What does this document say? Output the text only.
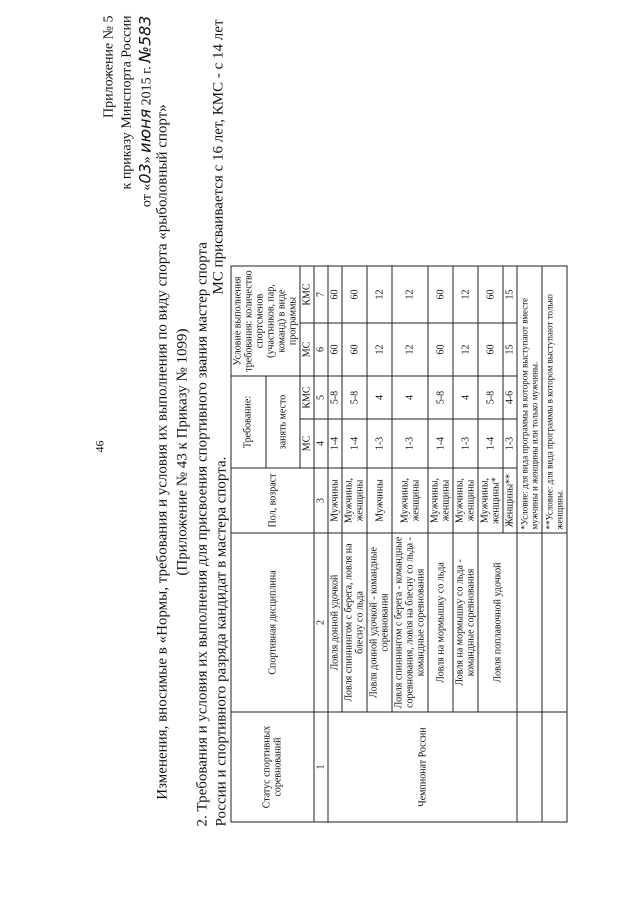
46
Приложение № 5 к приказу Минспорта России
от «03» июня 2015 г. №583
Изменения, вносимые в «Нормы, требования и условия их выполнения по виду спорта «рыболовный спорт» (Приложение № 43 к Приказу № 1099) 2. Требования и условия их выполнения для присвоения спортивного звания мастер спорта России и спортивного разряда кандидат в мастера спорта.
МС присваивается с 16 лет, КМС - с 14 лет
Статус спортивных соревнований	Спортивная дисциплина	Пол, возраст	Требование:		Условие выполнения требования: количество спортсменов (участников, пар, команд) в виде программы	
			занять место			
			МС	КМС	МС	КМС
1	2	3	4	5	6	7
Чемпионат России	Ловля донной удочкой	Мужчины	1-4	5-8	60	60
	Ловля спиннингом с берега, ловля на блесну со льда	Мужчины, женщины	1-4	5-8	60	60
	Ловля донной удочкой - командные соревнования	Мужчины	1-3	4	12	12
	Ловля спиннингом с берега - командные соревнования, ловля на блесну со льда - командные соревнования	Мужчины, женщины	1-3	4	12	12
	Ловля на мормышку со льда	Мужчины, женщины	1-4	5-8	60	60
	Ловля на мормышку со льда - командные соревнования	Мужчины, женщины	1-3	4	12	12
	Ловля поплавочной удочкой	Мужчины, женщины*	1-4	5-8	60	60
		Женщины**	1-3	4-6	15	15
		*Условие: для вида программы в котором выступают вместе мужчины и женщины или только мужчины.				
		**Условие: для вида программы в котором выступают только женщины.				
